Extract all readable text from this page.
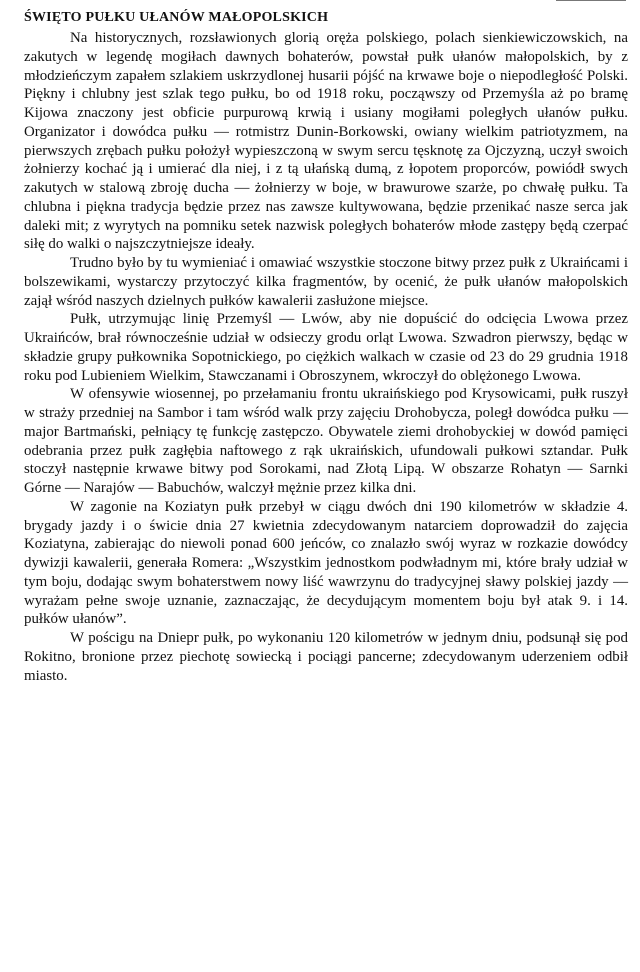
ŚWIĘTO PUŁKU UŁANÓW MAŁOPOLSKICH

Na historycznych, rozsławionych glorią oręża polskiego, polach sienkiewiczowskich, na zakutych w legendę mogiłach dawnych bohaterów, powstał pułk ułanów małopolskich, by z młodzieńczym zapałem szlakiem uskrzydlonej husarii pójść na krwawe boje o niepodległość Polski. Piękny i chlubny jest szlak tego pułku, bo od 1918 roku, począwszy od Przemyśla aż po bramę Kijowa znaczony jest obficie purpurową krwią i usiany mogiłami poległych ułanów pułku. Organizator i dowódca pułku — rotmistrz Dunin-Borkowski, owiany wielkim patriotyzmem, na pierwszych zrębach pułku położył wypieszczoną w swym sercu tęsknotę za Ojczyzną, uczył swoich żołnierzy kochać ją i umierać dla niej, i z tą ułańską dumą, z łopotem proporców, powiódł swych zakutych w stalową zbroję ducha — żołnierzy w boje, w brawurowe szarże, po chwałę pułku. Ta chlubna i piękna tradycja będzie przez nas zawsze kultywowana, będzie przenikać nasze serca jak daleki mit; z wyrytych na pomniku setek nazwisk poległych bohaterów młode zastępy będą czerpać siłę do walki o najszczytniejsze ideały.

Trudno było by tu wymieniać i omawiać wszystkie stoczone bitwy przez pułk z Ukraińcami i bolszewikami, wystarczy przytoczyć kilka fragmentów, by ocenić, że pułk ułanów małopolskich zajął wśród naszych dzielnych pułków kawalerii zasłużone miejsce.

Pułk, utrzymując linię Przemyśl — Lwów, aby nie dopuścić do odcięcia Lwowa przez Ukraińców, brał równocześnie udział w odsieczy grodu orląt Lwowa. Szwadron pierwszy, będąc w składzie grupy pułkownika Sopotnickiego, po ciężkich walkach w czasie od 23 do 29 grudnia 1918 roku pod Lubieniem Wielkim, Stawczanami i Obroszynem, wkroczył do oblężonego Lwowa.

W ofensywie wiosennej, po przełamaniu frontu ukraińskiego pod Krysowicami, pułk ruszył w straży przedniej na Sambor i tam wśród walk przy zajęciu Drohobycza, poległ dowódca pułku — major Bartmański, pełniący tę funkcję zastępczo. Obywatele ziemi drohobyckiej w dowód pamięci odebrania przez pułk zagłębia naftowego z rąk ukraińskich, ufundowali pułkowi sztandar. Pułk stoczył następnie krwawe bitwy pod Sorokami, nad Złotą Lipą. W obszarze Rohatyn — Sarnki Górne — Narajów — Babuchów, walczył mężnie przez kilka dni.

W zagonie na Koziatyn pułk przebył w ciągu dwóch dni 190 kilometrów w składzie 4. brygady jazdy i o świcie dnia 27 kwietnia zdecydowanym natarciem doprowadził do zajęcia Koziatyna, zabierając do niewoli ponad 600 jeńców, co znalazło swój wyraz w rozkazie dowódcy dywizji kawalerii, generała Romera: „Wszystkim jednostkom podwładnym mi, które brały udział w tym boju, dodając swym bohaterstwem nowy liść wawrzynu do tradycyjnej sławy polskiej jazdy — wyrażam pełne swoje uznanie, zaznaczając, że decydującym momentem boju był atak 9. i 14. pułków ułanów”.

W pościgu na Dniepr pułk, po wykonaniu 120 kilometrów w jednym dniu, podsunął się pod Rokitno, bronione przez piechotę sowiecką i pociągi pancerne; zdecydowanym uderzeniem odbił miasto.
